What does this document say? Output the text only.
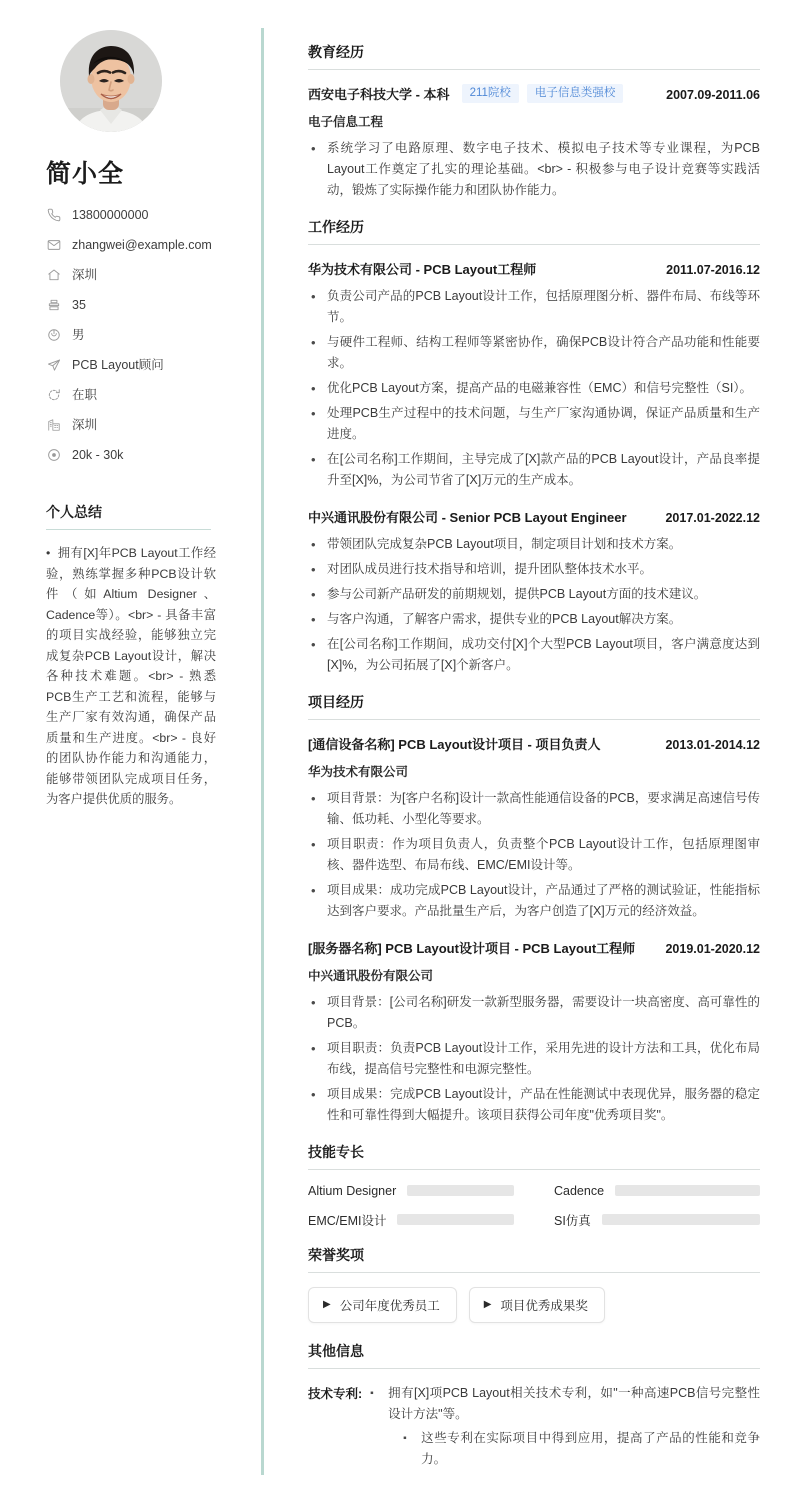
简小全
13800000000
zhangwei@example.com
深圳
35
男
PCB Layout顾问
在职
深圳
20k - 30k
个人总结

• 拥有[X]年PCB Layout工作经验，熟练掌握多种PCB设计软件（如Altium Designer、Cadence等）。<br> - 具备丰富的项目实战经验，能够独立完成复杂PCB Layout设计，解决各种技术难题。<br> - 熟悉PCB生产工艺和流程，能够与生产厂家有效沟通，确保产品质量和生产进度。<br> - 良好的团队协作能力和沟通能力，能够带领团队完成项目任务，为客户提供优质的服务。

教育经历
西安电子科技大学 - 本科	211院校	电子信息类强校	2007.09-2011.06
电子信息工程
• 系统学习了电路原理、数字电子技术、模拟电子技术等专业课程，为PCB Layout工作奠定了扎实的理论基础。<br> - 积极参与电子设计竞赛等实践活动，锻炼了实际操作能力和团队协作能力。
工作经历
华为技术有限公司 - PCB Layout工程师	2011.07-2016.12
• 负责公司产品的PCB Layout设计工作，包括原理图分析、器件布局、布线等环节。
• 与硬件工程师、结构工程师等紧密协作，确保PCB设计符合产品功能和性能要求。
• 优化PCB Layout方案，提高产品的电磁兼容性（EMC）和信号完整性（SI）。
• 处理PCB生产过程中的技术问题，与生产厂家沟通协调，保证产品质量和生产进度。
• 在[公司名称]工作期间，主导完成了[X]款产品的PCB Layout设计，产品良率提升至[X]%，为公司节省了[X]万元的生产成本。
中兴通讯股份有限公司 - Senior PCB Layout Engineer	2017.01-2022.12
• 带领团队完成复杂PCB Layout项目，制定项目计划和技术方案。
• 对团队成员进行技术指导和培训，提升团队整体技术水平。
• 参与公司新产品研发的前期规划，提供PCB Layout方面的技术建议。
• 与客户沟通，了解客户需求，提供专业的PCB Layout解决方案。
• 在[公司名称]工作期间，成功交付[X]个大型PCB Layout项目，客户满意度达到[X]%，为公司拓展了[X]个新客户。
项目经历
[通信设备名称] PCB Layout设计项目 - 项目负责人	2013.01-2014.12
华为技术有限公司
• 项目背景：为[客户名称]设计一款高性能通信设备的PCB，要求满足高速信号传输、低功耗、小型化等要求。
• 项目职责：作为项目负责人，负责整个PCB Layout设计工作，包括原理图审核、器件选型、布局布线、EMC/EMI设计等。
• 项目成果：成功完成PCB Layout设计，产品通过了严格的测试验证，性能指标达到客户要求。产品批量生产后，为客户创造了[X]万元的经济效益。
[服务器名称] PCB Layout设计项目 - PCB Layout工程师 2019.01-2020.12
中兴通讯股份有限公司
• 项目背景：[公司名称]研发一款新型服务器，需要设计一块高密度、高可靠性的PCB。
• 项目职责：负责PCB Layout设计工作，采用先进的设计方法和工具，优化布局布线，提高信号完整性和电源完整性。
• 项目成果：完成PCB Layout设计，产品在性能测试中表现优异，服务器的稳定性和可靠性得到大幅提升。该项目获得公司年度"优秀项目奖"。
技能专长
Altium Designer	Cadence
EMC/EMI设计	SI仿真
荣誉奖项
▶ 公司年度优秀员工	▶ 项目优秀成果奖
其他信息
技术专利:	▪ 拥有[X]项PCB Layout相关技术专利，如"一种高速PCB信号完整性设计方法"等。
▪ 这些专利在实际项目中得到应用，提高了产品的性能和竞争力。
